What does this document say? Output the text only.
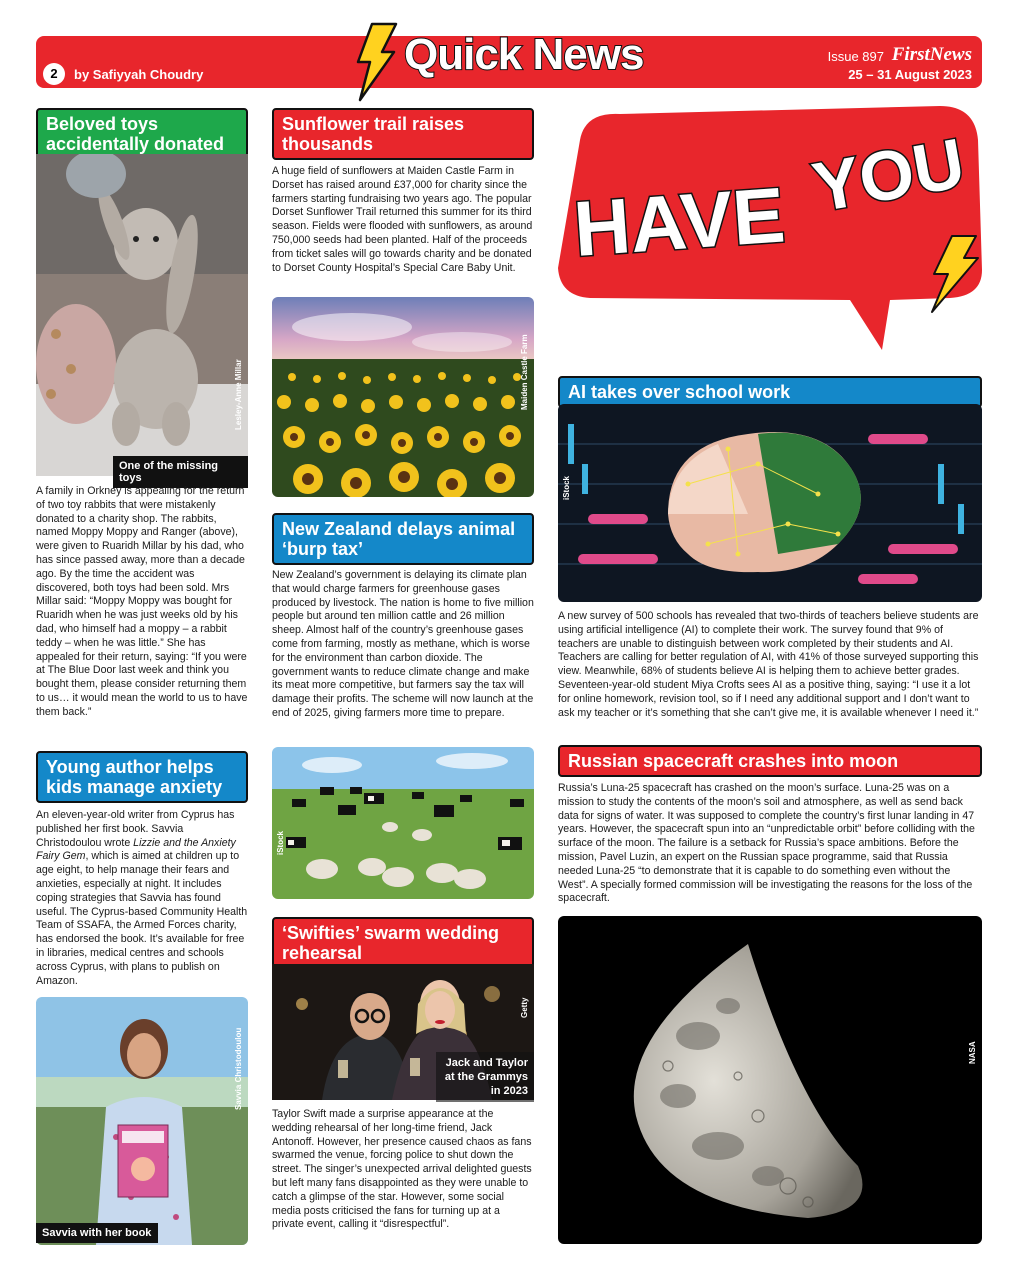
2	by Safiyyah Choudry	Quick News	Issue 897 FirstNews
25 – 31 August 2023
Beloved toys accidentally donated
Lesley-Anne Millar
One of the missing toys
A family in Orkney is appealing for the return of two toy rabbits that were mistakenly donated to a charity shop. The rabbits, named Moppy Moppy and Ranger (above), were given to Ruaridh Millar by his dad, who has since passed away, more than a decade ago. By the time the accident was discovered, both toys had been sold. Mrs Millar said: “Moppy Moppy was bought for Ruaridh when he was just weeks old by his dad, who himself had a moppy – a rabbit teddy – when he was little.” She has appealed for their return, saying: “If you were at The Blue Door last week and think you bought them, please consider returning them to us… it would mean the world to us to have them back.”
Young author helps kids manage anxiety
An eleven-year-old writer from Cyprus has published her first book. Savvia Christodoulou wrote Lizzie and the Anxiety Fairy Gem, which is aimed at children up to age eight, to help manage their fears and anxieties, especially at night. It includes coping strategies that Savvia has found useful. The Cyprus-based Community Health Team of SSAFA, the Armed Forces charity, has endorsed the book. It’s available for free in libraries, medical centres and schools across Cyprus, with plans to publish on Amazon.
Savvia Christodoulou
Savvia with her book
Sunflower trail raises thousands
A huge field of sunflowers at Maiden Castle Farm in Dorset has raised around £37,000 for charity since the farmers starting fundraising two years ago. The popular Dorset Sunflower Trail returned this summer for its third season. Fields were flooded with sunflowers, as around 750,000 seeds had been planted. Half of the proceeds from ticket sales will go towards charity and be donated to Dorset County Hospital’s Special Care Baby Unit.
Maiden Castle Farm
New Zealand delays animal ‘burp tax’
New Zealand’s government is delaying its climate plan that would charge farmers for greenhouse gases produced by livestock. The nation is home to five million people but around ten million cattle and 26 million sheep. Almost half of the country’s greenhouse gases come from farming, mostly as methane, which is worse for the environment than carbon dioxide. The government wants to reduce climate change and make its meat more competitive, but farmers say the tax will damage their profits. The scheme will now launch at the end of 2025, giving farmers more time to prepare.
iStock
‘Swifties’ swarm wedding rehearsal
Getty
Jack and Taylor at the Grammys in 2023
Taylor Swift made a surprise appearance at the wedding rehearsal of her long-time friend, Jack Antonoff. However, her presence caused chaos as fans swarmed the venue, forcing police to shut down the street. The singer’s unexpected arrival delighted guests but left many fans disappointed as they were unable to catch a glimpse of the star. However, some social media posts criticised the fans for turning up at a private event, calling it “disrespectful”.
HAVE YOU
AI takes over school work
iStock
A new survey of 500 schools has revealed that two-thirds of teachers believe students are using artificial intelligence (AI) to complete their work. The survey found that 9% of teachers are unable to distinguish between work completed by their students and AI. Teachers are calling for better regulation of AI, with 41% of those surveyed supporting this view. Meanwhile, 68% of students believe AI is helping them to achieve better grades. Seventeen-year-old student Miya Crofts sees AI as a positive thing, saying: “I use it a lot for online homework, revision tool, so if I need any additional support and I don’t want to ask my teacher or it’s something that she can’t give me, it is available whenever I need it.”
Russian spacecraft crashes into moon
Russia’s Luna-25 spacecraft has crashed on the moon’s surface. Luna-25 was on a mission to study the contents of the moon’s soil and atmosphere, as well as send back data for signs of water. It was supposed to complete the country’s first lunar landing in 47 years. However, the spacecraft spun into an “unpredictable orbit” before colliding with the surface of the moon. The failure is a setback for Russia’s space ambitions. Before the mission, Pavel Luzin, an expert on the Russian space programme, said that Russia needed Luna-25 “to demonstrate that it is capable to do something even without the West”. A specially formed commission will be investigating the reasons for the loss of the spacecraft.
NASA
